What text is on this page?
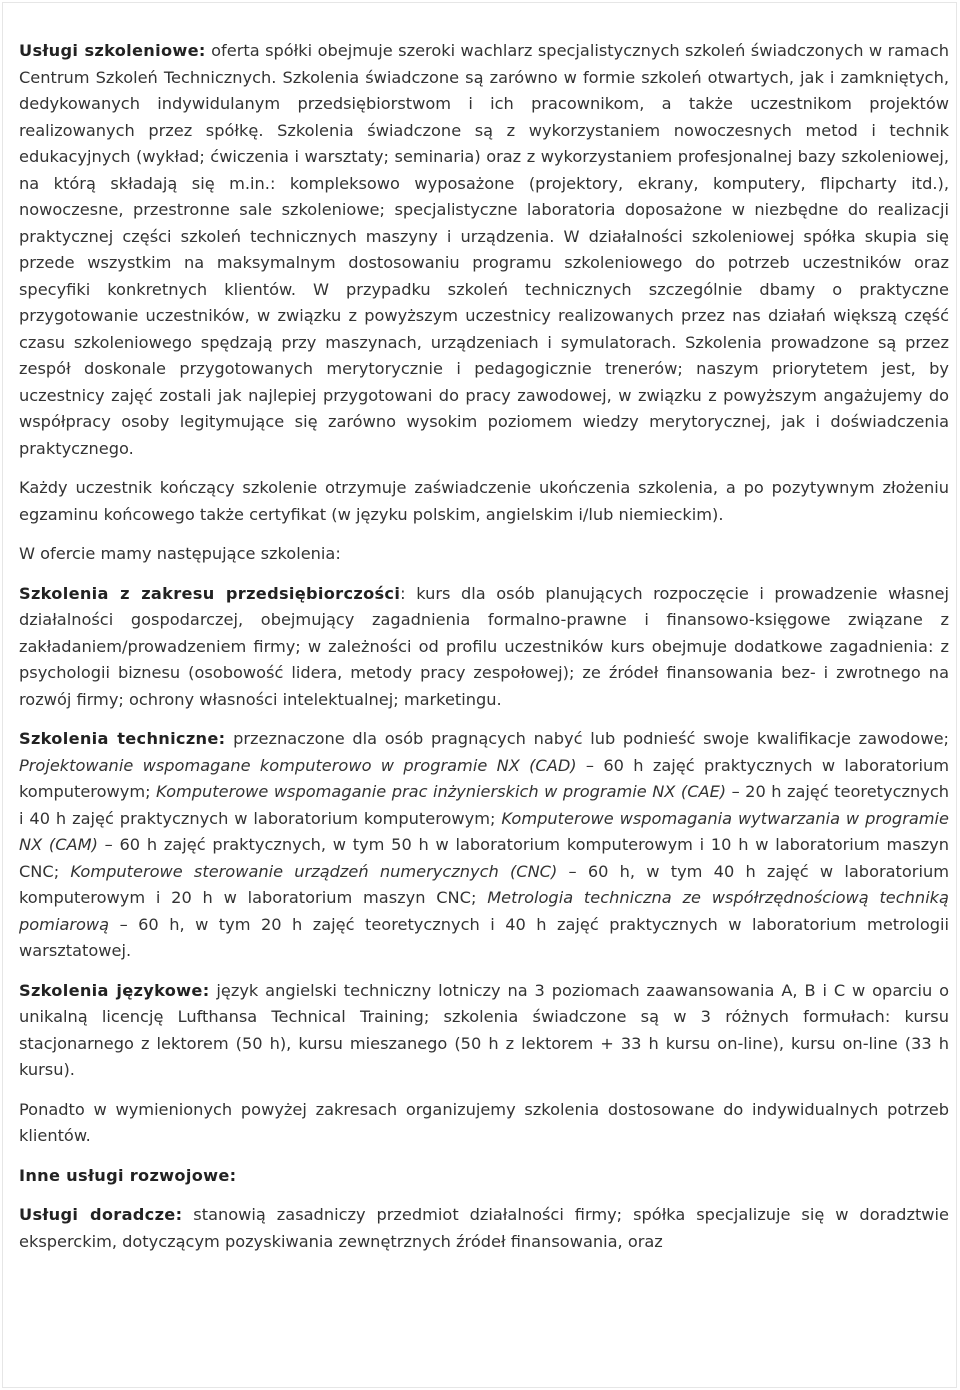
Usługi szkoleniowe: oferta spółki obejmuje szeroki wachlarz specjalistycznych szkoleń świadczonych w ramach Centrum Szkoleń Technicznych. Szkolenia świadczone są zarówno w formie szkoleń otwartych, jak i zamkniętych, dedykowanych indywidulanym przedsiębiorstwom i ich pracownikom, a także uczestnikom projektów realizowanych przez spółkę. Szkolenia świadczone są z wykorzystaniem nowoczesnych metod i technik edukacyjnych (wykład; ćwiczenia i warsztaty; seminaria) oraz z wykorzystaniem profesjonalnej bazy szkoleniowej, na którą składają się m.in.: kompleksowo wyposażone (projektory, ekrany, komputery, flipcharty itd.), nowoczesne, przestronne sale szkoleniowe; specjalistyczne laboratoria doposażone w niezbędne do realizacji praktycznej części szkoleń technicznych maszyny i urządzenia. W działalności szkoleniowej spółka skupia się przede wszystkim na maksymalnym dostosowaniu programu szkoleniowego do potrzeb uczestników oraz specyfiki konkretnych klientów. W przypadku szkoleń technicznych szczególnie dbamy o praktyczne przygotowanie uczestników, w związku z powyższym uczestnicy realizowanych przez nas działań większą część czasu szkoleniowego spędzają przy maszynach, urządzeniach i symulatorach. Szkolenia prowadzone są przez zespół doskonale przygotowanych merytorycznie i pedagogicznie trenerów; naszym priorytetem jest, by uczestnicy zajęć zostali jak najlepiej przygotowani do pracy zawodowej, w związku z powyższym angażujemy do współpracy osoby legitymujące się zarówno wysokim poziomem wiedzy merytorycznej, jak i doświadczenia praktycznego.

Każdy uczestnik kończący szkolenie otrzymuje zaświadczenie ukończenia szkolenia, a po pozytywnym złożeniu egzaminu końcowego także certyfikat (w języku polskim, angielskim i/lub niemieckim).

W ofercie mamy następujące szkolenia:

Szkolenia z zakresu przedsiębiorczości: kurs dla osób planujących rozpoczęcie i prowadzenie własnej działalności gospodarczej, obejmujący zagadnienia formalno-prawne i finansowo-księgowe związane z zakładaniem/prowadzeniem firmy; w zależności od profilu uczestników kurs obejmuje dodatkowe zagadnienia: z psychologii biznesu (osobowość lidera, metody pracy zespołowej); ze źródeł finansowania bez- i zwrotnego na rozwój firmy; ochrony własności intelektualnej; marketingu.

Szkolenia techniczne: przeznaczone dla osób pragnących nabyć lub podnieść swoje kwalifikacje zawodowe; Projektowanie wspomagane komputerowo w programie NX (CAD) – 60 h zajęć praktycznych w laboratorium komputerowym; Komputerowe wspomaganie prac inżynierskich w programie NX (CAE) – 20 h zajęć teoretycznych i 40 h zajęć praktycznych w laboratorium komputerowym; Komputerowe wspomagania wytwarzania w programie NX (CAM) – 60 h zajęć praktycznych, w tym 50 h w laboratorium komputerowym i 10 h w laboratorium maszyn CNC; Komputerowe sterowanie urządzeń numerycznych (CNC) – 60 h, w tym 40 h zajęć w laboratorium komputerowym i 20 h w laboratorium maszyn CNC; Metrologia techniczna ze współrzędnościową techniką pomiarową – 60 h, w tym 20 h zajęć teoretycznych i 40 h zajęć praktycznych w laboratorium metrologii warsztatowej.

Szkolenia językowe: język angielski techniczny lotniczy na 3 poziomach zaawansowania A, B i C w oparciu o unikalną licencję Lufthansa Technical Training; szkolenia świadczone są w 3 różnych formułach: kursu stacjonarnego z lektorem (50 h), kursu mieszanego (50 h z lektorem + 33 h kursu on-line), kursu on-line (33 h kursu).

Ponadto w wymienionych powyżej zakresach organizujemy szkolenia dostosowane do indywidualnych potrzeb klientów.

Inne usługi rozwojowe:

Usługi doradcze: stanowią zasadniczy przedmiot działalności firmy; spółka specjalizuje się w doradztwie eksperckim, dotyczącym pozyskiwania zewnętrznych źródeł finansowania, oraz
